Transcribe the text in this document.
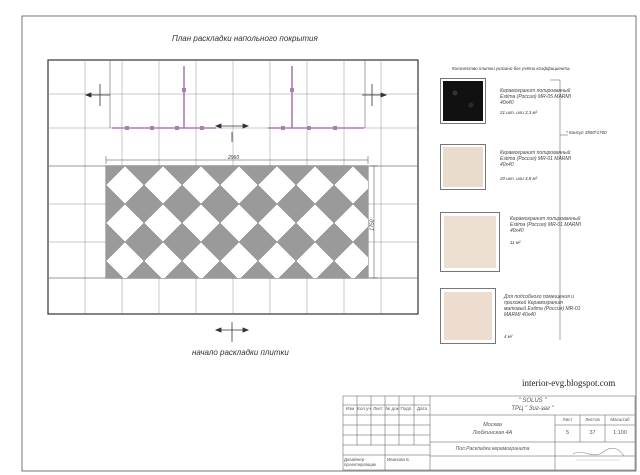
План раскладки напольного покрытия
2960
1750
начало раскладки плитки
Количество плитки указано без учёта коэффициента.
* Консул 3950*1700
Керамогранит полированный Estima (Россия) MR-05 MARMI 40x40
21 шт. или 3,3 м²
Керамогранит полированный Estima (Россия) MR-01 MARMI 40x40
20 шт. или 3,8 м²
Керамогранит полированный Estima (Россия) MR-01 MARMI 40x40
11 м²
Для подсобного помещения и прихожей Керамогранит матовый Estima (Россия) MR-01 MARMI 40x40
4 м²
interior-evg.blogspot.com
Изм Кол.уч Лист № док Подп.	Дата
Дизайнер-проектировщик
Иванова Е.
" SOLUS "
ТРЦ " Зиг-заг "
Москва
Люблинская 4А
Лист	Листов	Масштаб
5	37	1:100
Пол.Раскладка керамогранита
